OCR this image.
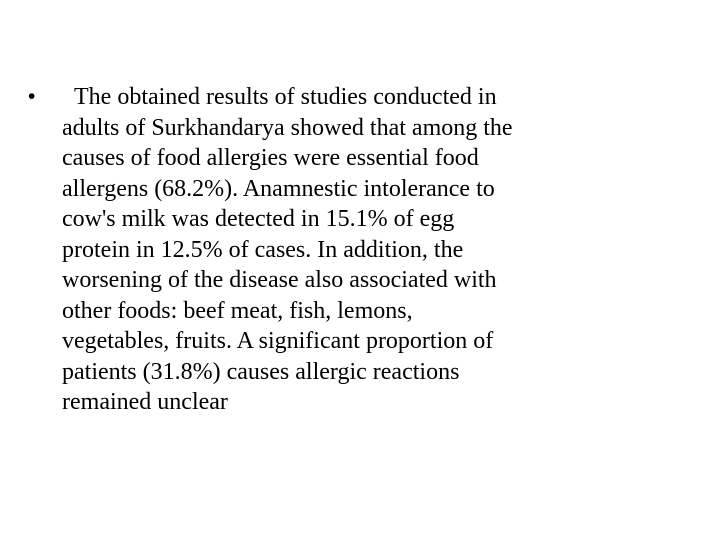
•	The obtained results of studies conducted in
adults of Surkhandarya showed that among the
causes of food allergies were essential food
allergens (68.2%). Anamnestic intolerance to
cow's milk was detected in 15.1% of egg
protein in 12.5% of cases. In addition, the
worsening of the disease also associated with
other foods: beef meat, fish, lemons,
vegetables, fruits. A significant proportion of
patients (31.8%) causes allergic reactions
remained unclear
